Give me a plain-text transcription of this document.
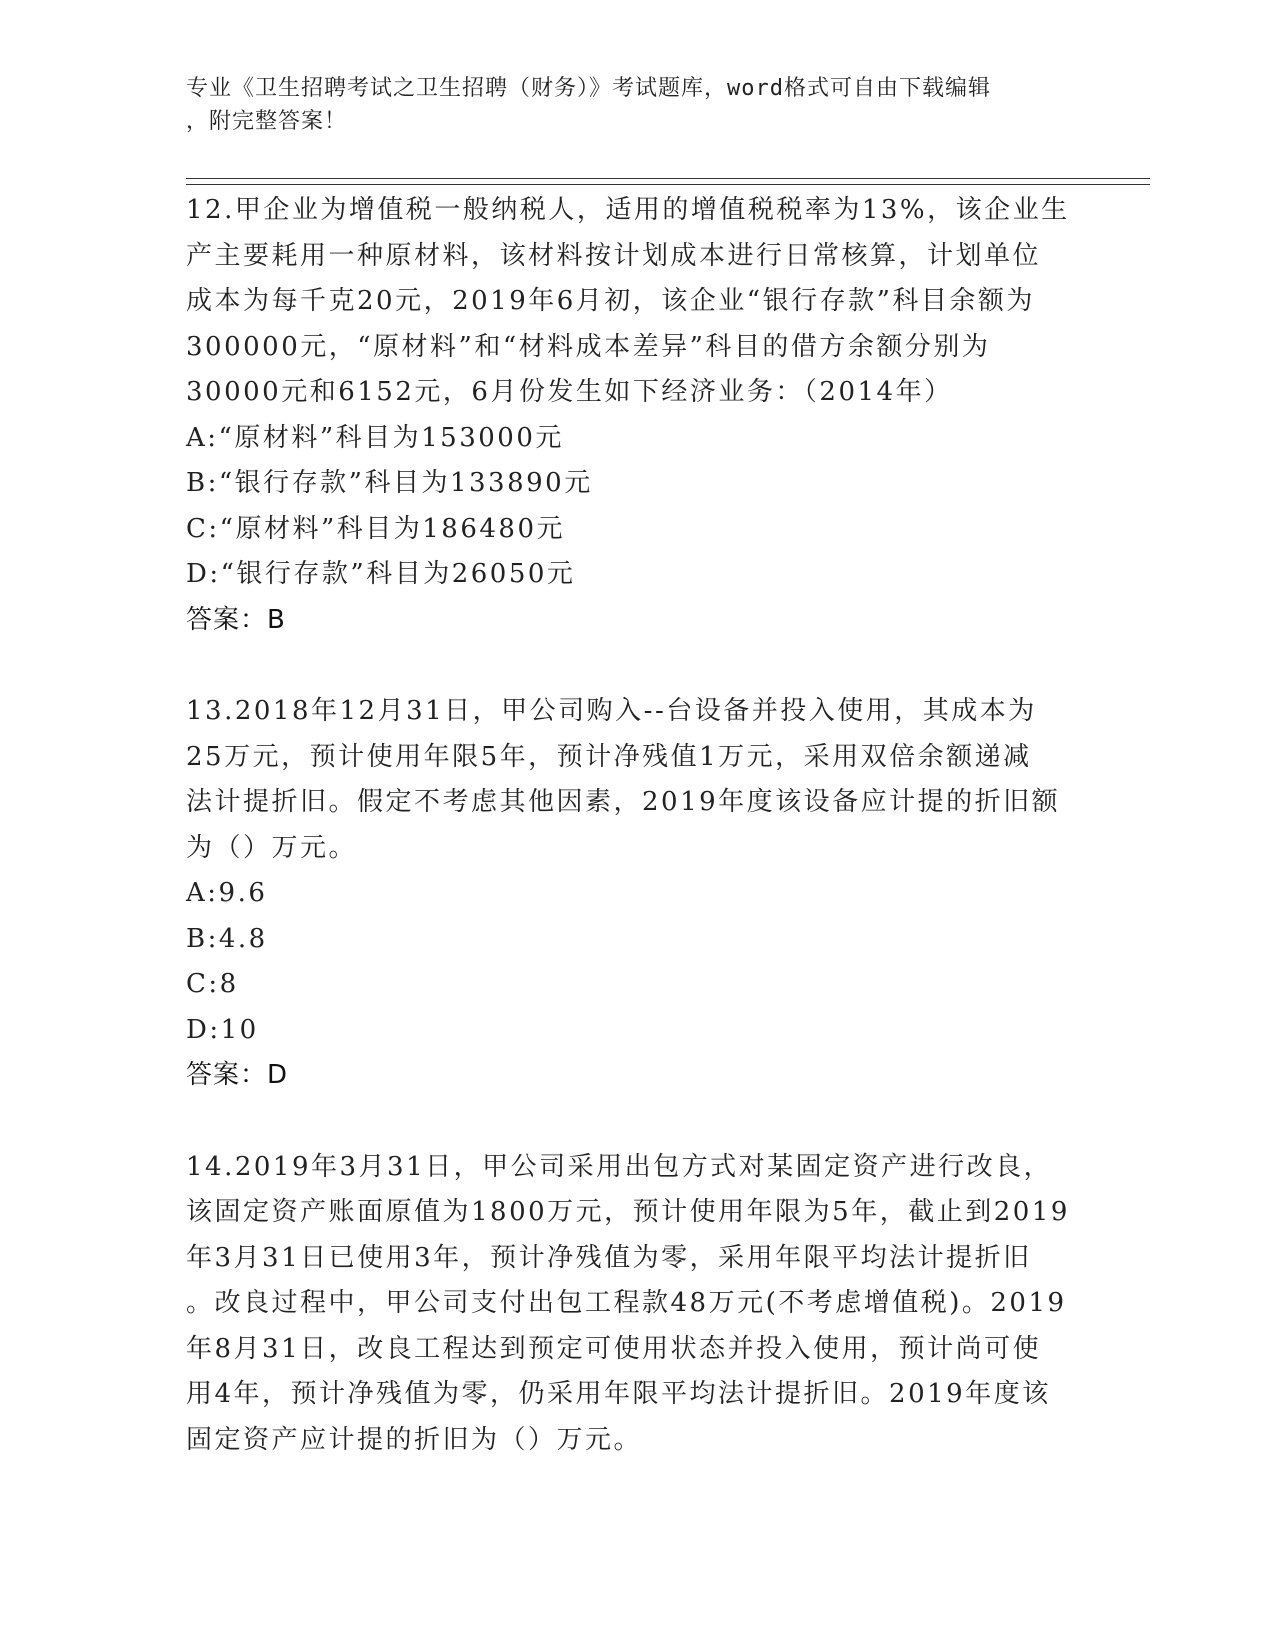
专业《卫生招聘考试之卫生招聘（财务）》考试题库，word格式可自由下载编辑
，附完整答案！
12.甲企业为增值税一般纳税人，适用的增值税税率为13%，该企业生
产主要耗用一种原材料，该材料按计划成本进行日常核算，计划单位
成本为每千克20元，2019年6月初，该企业“银行存款”科目余额为
300000元，“原材料”和“材料成本差异”科目的借方余额分别为
30000元和6152元，6月份发生如下经济业务：（2014年）
A:“原材料”科目为153000元
B:“银行存款”科目为133890元
C:“原材料”科目为186480元
D:“银行存款”科目为26050元
答案：B
13.2018年12月31日，甲公司购入--台设备并投入使用，其成本为
25万元，预计使用年限5年，预计净残值1万元，采用双倍余额递减
法计提折旧。假定不考虑其他因素，2019年度该设备应计提的折旧额
为（）万元。
A:9.6
B:4.8
C:8
D:10
答案：D
14.2019年3月31日，甲公司采用出包方式对某固定资产进行改良，
该固定资产账面原值为1800万元，预计使用年限为5年，截止到2019
年3月31日已使用3年，预计净残值为零，采用年限平均法计提折旧
。改良过程中，甲公司支付出包工程款48万元(不考虑增值税)。2019
年8月31日，改良工程达到预定可使用状态并投入使用，预计尚可使
用4年，预计净残值为零，仍采用年限平均法计提折旧。2019年度该
固定资产应计提的折旧为（）万元。
